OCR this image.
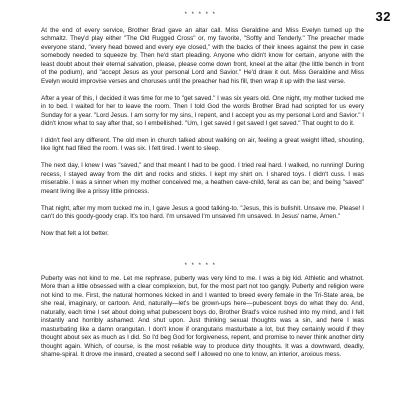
* * * * *	32

At the end of every service, Brother Brad gave an altar call. Miss Geraldine and Miss Evelyn turned up the schmaltz. They'd play either "The Old Rugged Cross" or, my favorite, "Softly and Tenderly." The preacher made everyone stand, "every head bowed and every eye closed," with the backs of their knees against the pew in case somebody needed to squeeze by. Then he'd start pleading. Anyone who didn't know for certain, anyone with the least doubt about their eternal salvation, please, please come down front, kneel at the altar (the little bench in front of the podium), and "accept Jesus as your personal Lord and Savior." He'd draw it out. Miss Geraldine and Miss Evelyn would improvise verses and choruses until the preacher had his fill, then wrap it up with the last verse.

After a year of this, I decided it was time for me to "get saved." I was six years old. One night, my mother tucked me in to bed. I waited for her to leave the room. Then I told God the words Brother Brad had scripted for us every Sunday for a year. "Lord Jesus. I am sorry for my sins, I repent, and I accept you as my personal Lord and Savior." I didn't know what to say after that, so I embellished. "Um, I get saved I get saved I get saved." That ought to do it.

I didn't feel any different. The old men in church talked about walking on air, feeling a great weight lifted, shouting, like light had filled the room. I was six. I felt tired. I went to sleep.

The next day, I knew I was "saved," and that meant I had to be good. I tried real hard. I walked, no running! During recess, I stayed away from the dirt and rocks and sticks. I kept my shirt on. I shared toys. I didn't cuss. I was miserable. I was a sinner when my mother conceived me, a heathen cave-child, feral as can be; and being "saved" meant living like a prissy little princess.

That night, after my mom tucked me in, I gave Jesus a good talking-to. "Jesus, this is bullshit. Unsave me. Please! I can't do this goody-goody crap. It's too hard. I'm unsaved I'm unsaved I'm unsaved. In Jesus' name, Amen."

Now that felt a lot better.

* * * * *

Puberty was not kind to me. Let me rephrase, puberty was very kind to me. I was a big kid. Athletic and whatnot. More than a little obsessed with a clear complexion, but, for the most part not too gangly. Puberty and religion were not kind to me. First, the natural hormones kicked in and I wanted to breed every female in the Tri-State area, be she real, imaginary, or cartoon. And, naturally—let's be grown-ups here—pubescent boys do what they do. And, naturally, each time I set about doing what pubescent boys do, Brother Brad's voice rushed into my mind, and I felt instantly and horribly ashamed. And shut upon. Just thinking sexual thoughts was a sin, and here I was masturbating like a damn orangutan. I don't know if orangutans masturbate a lot, but they certainly would if they thought about sex as much as I did. So I'd beg God for forgiveness, repent, and promise to never think another dirty thought again. Which, of course, is the most reliable way to produce dirty thoughts. It was a downward, deadly, shame-spiral. It drove me inward, created a second self I allowed no one to know, an interior, anxious mess.
